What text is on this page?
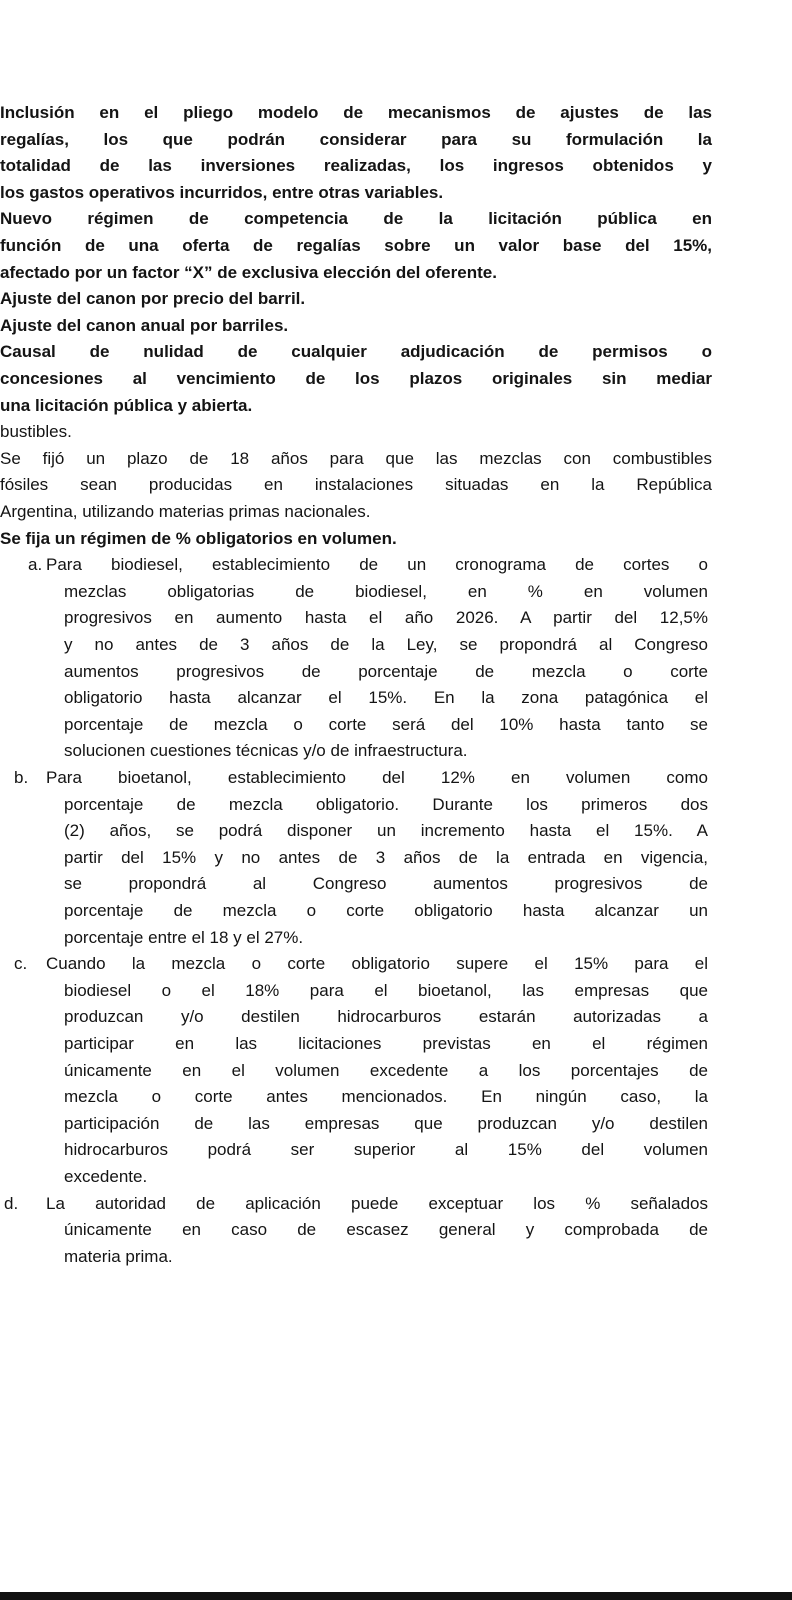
Inclusión en el pliego modelo de mecanismos de ajustes de las
regalías, los que podrán considerar para su formulación la
totalidad de las inversiones realizadas, los ingresos obtenidos y
los gastos operativos incurridos, entre otras variables.
Nuevo régimen de competencia de la licitación pública en
función de una oferta de regalías sobre un valor base del 15%,
afectado por un factor “X” de exclusiva elección del oferente.
Ajuste del canon por precio del barril.
Ajuste del canon anual por barriles.
Causal de nulidad de cualquier adjudicación de permisos o
concesiones al vencimiento de los plazos originales sin mediar
una licitación pública y abierta.
bustibles.
Se fijó un plazo de 18 años para que las mezclas con combustibles
fósiles sean producidas en instalaciones situadas en la República
Argentina, utilizando materias primas nacionales.
Se fija un régimen de % obligatorios en volumen.
a. Para biodiesel, establecimiento de un cronograma de cortes o
mezclas obligatorias de biodiesel, en % en volumen
progresivos en aumento hasta el año 2026. A partir del 12,5%
y no antes de 3 años de la Ley, se propondrá al Congreso
aumentos progresivos de porcentaje de mezcla o corte
obligatorio hasta alcanzar el 15%. En la zona patagónica el
porcentaje de mezcla o corte será del 10% hasta tanto se
solucionen cuestiones técnicas y/o de infraestructura.
b. Para bioetanol, establecimiento del 12% en volumen como
porcentaje de mezcla obligatorio. Durante los primeros dos
(2) años, se podrá disponer un incremento hasta el 15%. A
partir del 15% y no antes de 3 años de la entrada en vigencia,
se propondrá al Congreso aumentos progresivos de
porcentaje de mezcla o corte obligatorio hasta alcanzar un
porcentaje entre el 18 y el 27%.
c. Cuando la mezcla o corte obligatorio supere el 15% para el
biodiesel o el 18% para el bioetanol, las empresas que
produzcan y/o destilen hidrocarburos estarán autorizadas a
participar en las licitaciones previstas en el régimen
únicamente en el volumen excedente a los porcentajes de
mezcla o corte antes mencionados. En ningún caso, la
participación de las empresas que produzcan y/o destilen
hidrocarburos podrá ser superior al 15% del volumen
excedente.
d. La autoridad de aplicación puede exceptuar los % señalados
únicamente en caso de escasez general y comprobada de
materia prima.
